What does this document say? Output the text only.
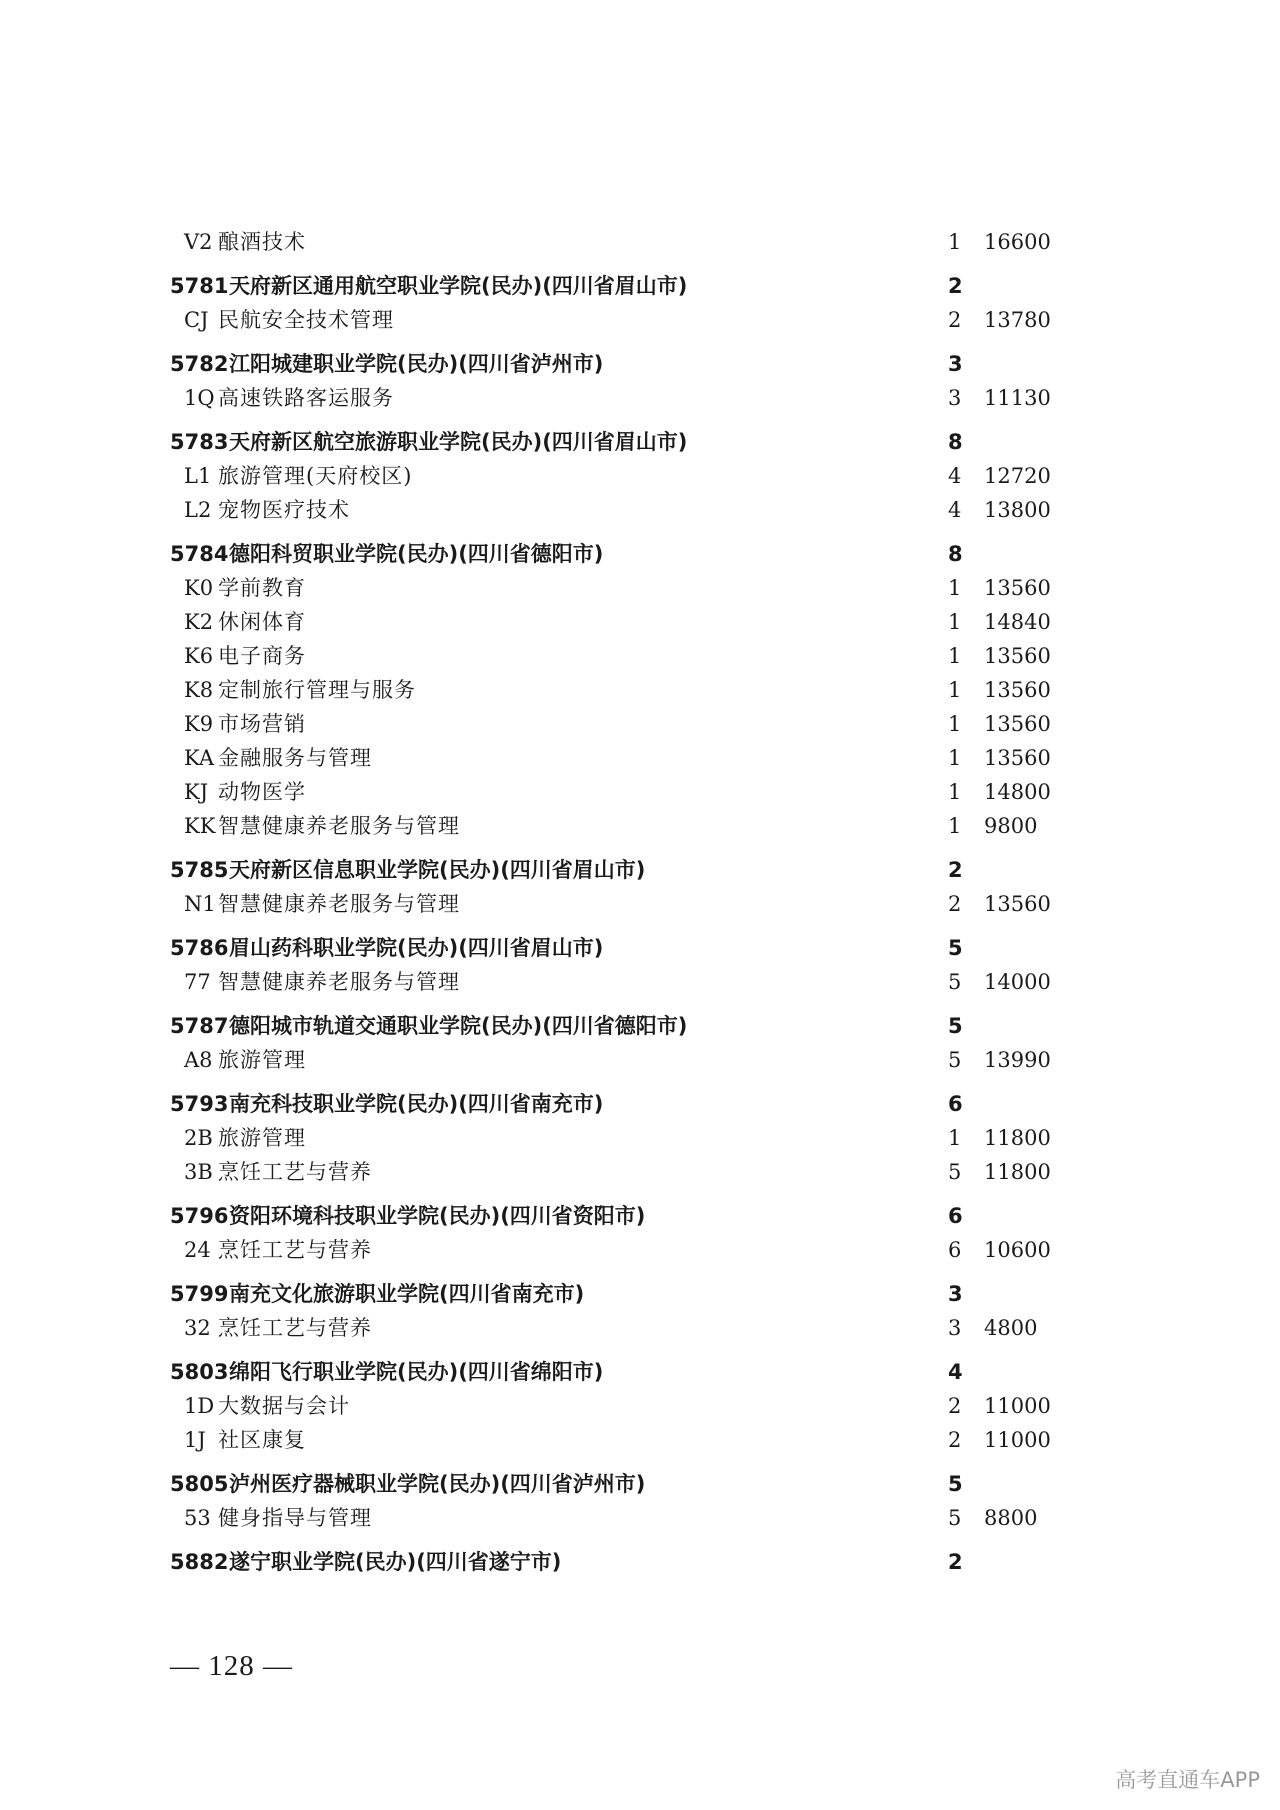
V2 酿酒技术	1 16600
5781 天府新区通用航空职业学院(民办)(四川省眉山市)	2
CJ 民航安全技术管理	2 13780
5782 江阳城建职业学院(民办)(四川省泸州市)	3
1Q 高速铁路客运服务	3 11130
5783 天府新区航空旅游职业学院(民办)(四川省眉山市)	8
L1 旅游管理(天府校区)	4 12720
L2 宠物医疗技术	4 13800
5784 德阳科贸职业学院(民办)(四川省德阳市)	8
K0 学前教育	1 13560
K2 休闲体育	1 14840
K6 电子商务	1 13560
K8 定制旅行管理与服务	1 13560
K9 市场营销	1 13560
KA 金融服务与管理	1 13560
KJ 动物医学	1 14800
KK 智慧健康养老服务与管理	1 9800
5785 天府新区信息职业学院(民办)(四川省眉山市)	2
N1 智慧健康养老服务与管理	2 13560
5786 眉山药科职业学院(民办)(四川省眉山市)	5
77 智慧健康养老服务与管理	5 14000
5787 德阳城市轨道交通职业学院(民办)(四川省德阳市)	5
A8 旅游管理	5 13990
5793 南充科技职业学院(民办)(四川省南充市)	6
2B 旅游管理	1 11800
3B 烹饪工艺与营养	5 11800
5796 资阳环境科技职业学院(民办)(四川省资阳市)	6
24 烹饪工艺与营养	6 10600
5799 南充文化旅游职业学院(四川省南充市)	3
32 烹饪工艺与营养	3 4800
5803 绵阳飞行职业学院(民办)(四川省绵阳市)	4
1D 大数据与会计	2 11000
1J 社区康复	2 11000
5805 泸州医疗器械职业学院(民办)(四川省泸州市)	5
53 健身指导与管理	5 8800
5882 遂宁职业学院(民办)(四川省遂宁市)	2
— 128 —
高考直通车APP
